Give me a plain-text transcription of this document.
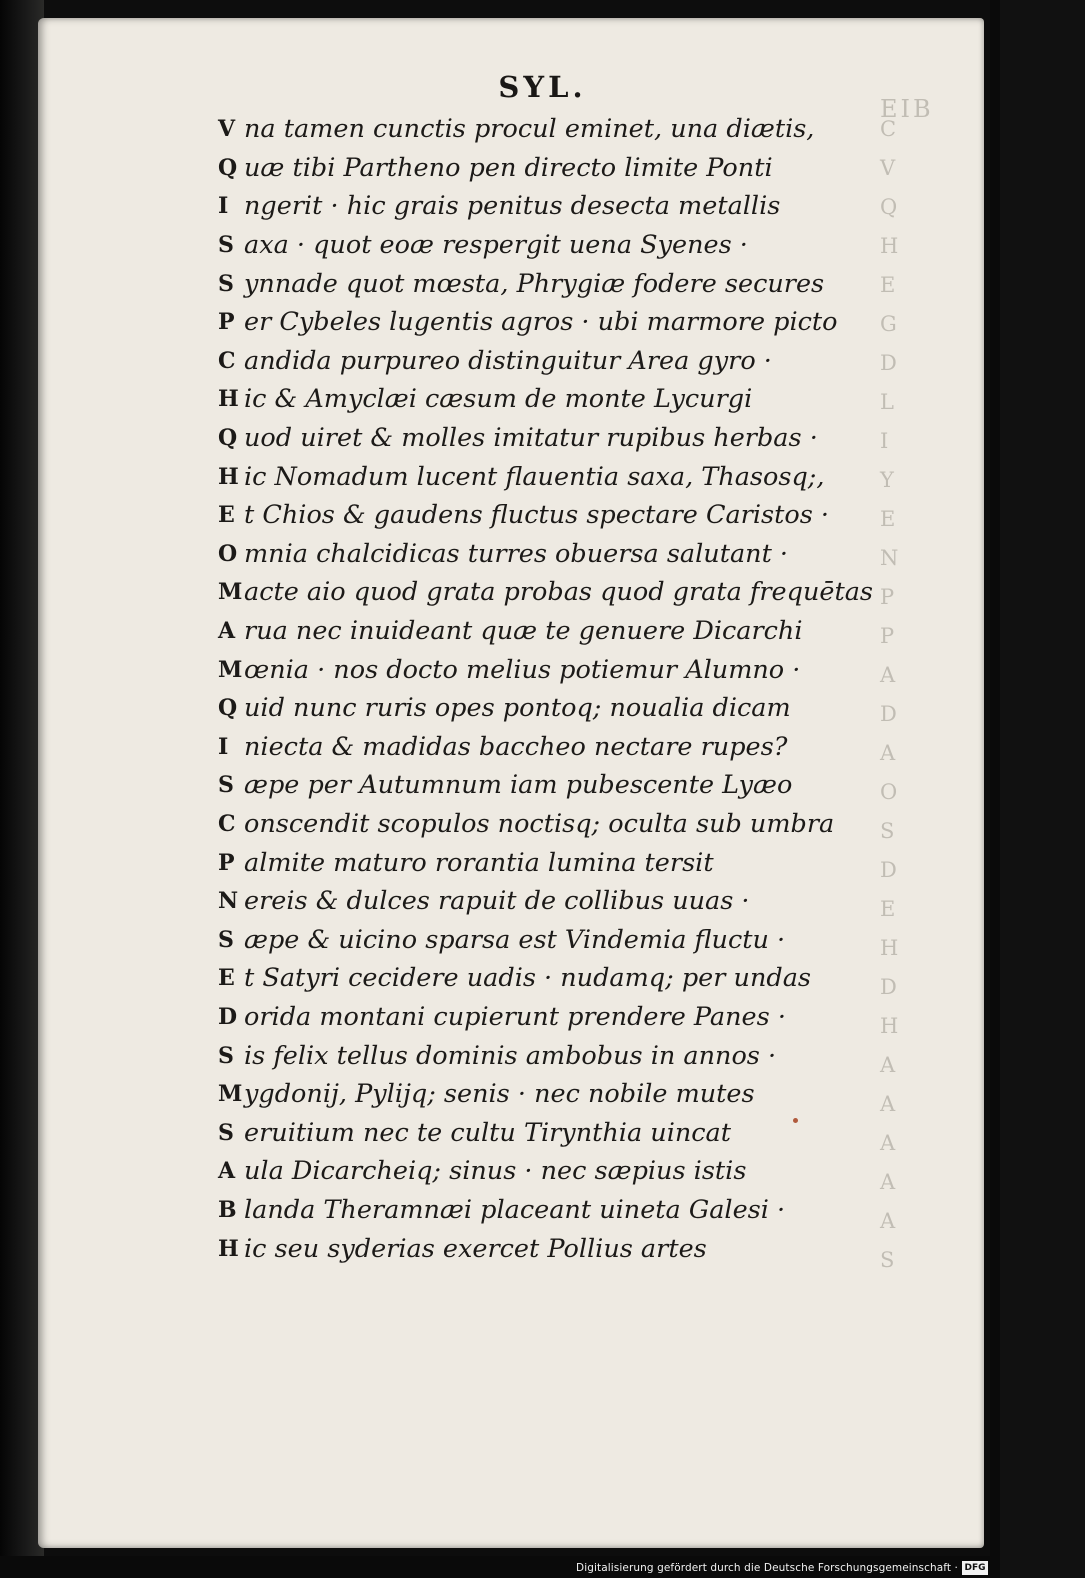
EIB
C
V
Q
H
E
G
D
L
I
Y
E
N
P
P
A
D
A
O
S
D
E
H
D
H
A
A
A
A
A
S
SYL.
V na tamen cunctis procul eminet, una diætis,
Q uæ tibi Partheno pen directo limite Ponti
I ngerit · hic grais penitus desecta metallis
S axa · quot eoæ respergit uena Syenes ·
S ynnade quot mœsta, Phrygiæ fodere secures
P er Cybeles lugentis agros · ubi marmore picto
C andida purpureo distinguitur Area gyro ·
H ic & Amyclæi cæsum de monte Lycurgi
Q uod uiret & molles imitatur rupibus herbas ·
H ic Nomadum lucent flauentia saxa, Thasosq;,
E t Chios & gaudens fluctus spectare Caristos ·
O mnia chalcidicas turres obuersa salutant ·
M acte aio quod grata probas quod grata frequētas
A rua nec inuideant quæ te genuere Dicarchi
M œnia · nos docto melius potiemur Alumno ·
Q uid nunc ruris opes pontoq; noualia dicam
I niecta & madidas baccheo nectare rupes?
S æpe per Autumnum iam pubescente Lyæo
C onscendit scopulos noctisq; oculta sub umbra
P almite maturo rorantia lumina tersit
N ereis & dulces rapuit de collibus uuas ·
S æpe & uicino sparsa est Vindemia fluctu ·
E t Satyri cecidere uadis · nudamq; per undas
D orida montani cupierunt prendere Panes ·
S is felix tellus dominis ambobus in annos ·
M ygdonij, Pylijq; senis · nec nobile mutes
S eruitium nec te cultu Tirynthia uincat
A ula Dicarcheiq; sinus · nec sæpius istis
B landa Theramnæi placeant uineta Galesi ·
H ic seu syderias exercet Pollius artes
Digitalisierung gefördert durch die Deutsche Forschungsgemeinschaft · DFG
